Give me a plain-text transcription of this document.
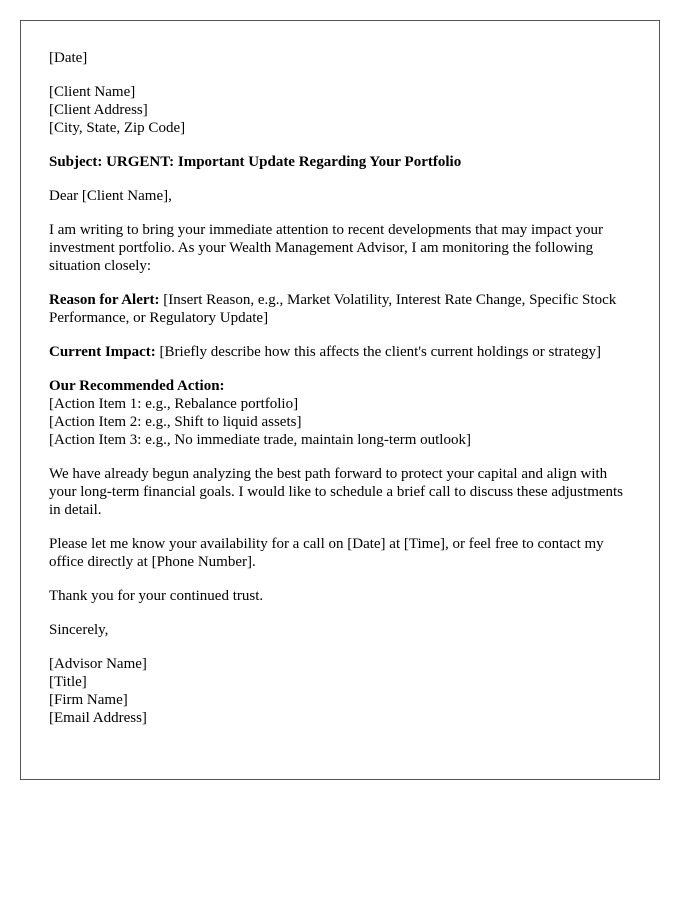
[Date]

[Client Name]
[Client Address]
[City, State, Zip Code]

Subject: URGENT: Important Update Regarding Your Portfolio

Dear [Client Name],

I am writing to bring your immediate attention to recent developments that may impact your investment portfolio. As your Wealth Management Advisor, I am monitoring the following situation closely:

Reason for Alert: [Insert Reason, e.g., Market Volatility, Interest Rate Change, Specific Stock Performance, or Regulatory Update]

Current Impact: [Briefly describe how this affects the client's current holdings or strategy]

Our Recommended Action:
[Action Item 1: e.g., Rebalance portfolio]
[Action Item 2: e.g., Shift to liquid assets]
[Action Item 3: e.g., No immediate trade, maintain long-term outlook]

We have already begun analyzing the best path forward to protect your capital and align with your long-term financial goals. I would like to schedule a brief call to discuss these adjustments in detail.

Please let me know your availability for a call on [Date] at [Time], or feel free to contact my office directly at [Phone Number].

Thank you for your continued trust.

Sincerely,

[Advisor Name]
[Title]
[Firm Name]
[Email Address]
